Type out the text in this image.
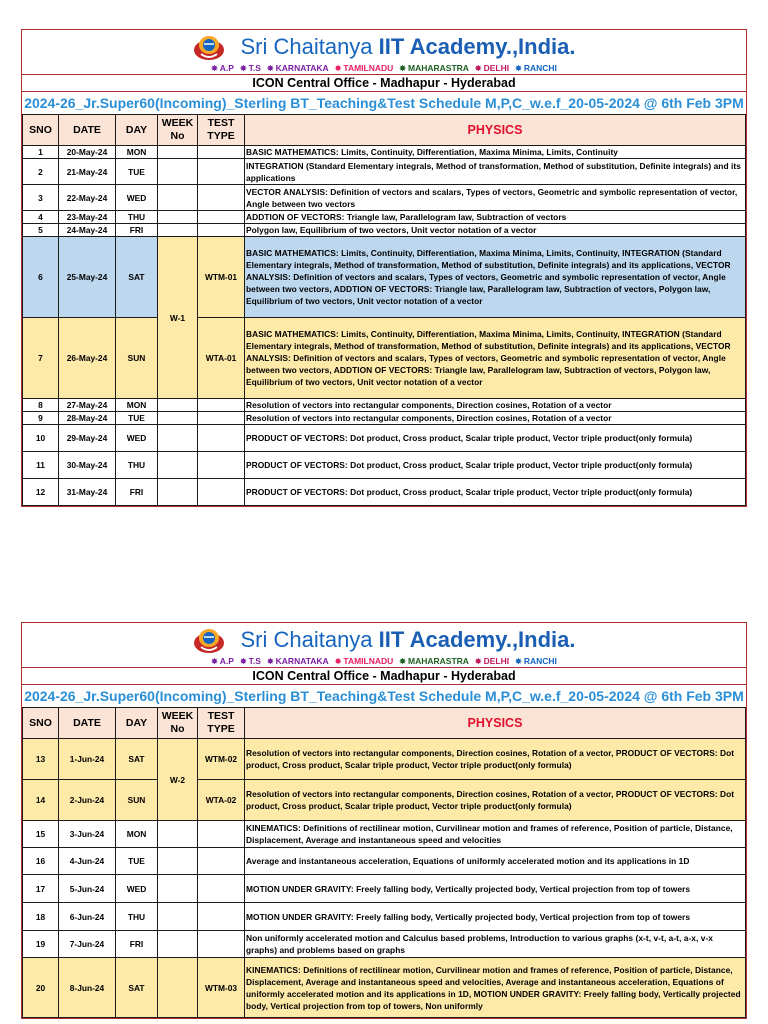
Sri Chaitanya IIT Academy.,India.
✸ A.P ✸ T.S ✸ KARNATAKA ✸ TAMILNADU ✸ MAHARASTRA ✸ DELHI ✸ RANCHI
ICON Central Office - Madhapur - Hyderabad
2024-26_Jr.Super60(Incoming)_Sterling BT_Teaching&Test Schedule M,P,C_w.e.f_20-05-2024 @ 6th Feb 3PM
SNO	DATE	DAY	WEEK No	TEST TYPE	PHYSICS
1	20-May-24	MON			BASIC MATHEMATICS: Limits, Continuity, Differentiation, Maxima Minima, Limits, Continuity
2	21-May-24	TUE			INTEGRATION (Standard Elementary integrals, Method of transformation, Method of substitution, Definite integrals) and its applications
3	22-May-24	WED			VECTOR ANALYSIS: Definition of vectors and scalars, Types of vectors, Geometric and symbolic representation of vector, Angle between two vectors
4	23-May-24	THU			ADDTION OF VECTORS: Triangle law, Parallelogram law, Subtraction of vectors
5	24-May-24	FRI			Polygon law, Equilibrium of two vectors, Unit vector notation of a vector
6	25-May-24	SAT	W-1	WTM-01	BASIC MATHEMATICS: Limits, Continuity, Differentiation, Maxima Minima, Limits, Continuity, INTEGRATION (Standard Elementary integrals, Method of transformation, Method of substitution, Definite integrals) and its applications, VECTOR ANALYSIS: Definition of vectors and scalars, Types of vectors, Geometric and symbolic representation of vector, Angle between two vectors, ADDTION OF VECTORS: Triangle law, Parallelogram law, Subtraction of vectors, Polygon law, Equilibrium of two vectors, Unit vector notation of a vector
7	26-May-24	SUN		WTA-01	BASIC MATHEMATICS: Limits, Continuity, Differentiation, Maxima Minima, Limits, Continuity, INTEGRATION (Standard Elementary integrals, Method of transformation, Method of substitution, Definite integrals) and its applications, VECTOR ANALYSIS: Definition of vectors and scalars, Types of vectors, Geometric and symbolic representation of vector, Angle between two vectors, ADDTION OF VECTORS: Triangle law, Parallelogram law, Subtraction of vectors, Polygon law, Equilibrium of two vectors, Unit vector notation of a vector
8	27-May-24	MON			Resolution of vectors into rectangular components, Direction cosines, Rotation of a vector
9	28-May-24	TUE			Resolution of vectors into rectangular components, Direction cosines, Rotation of a vector
10	29-May-24	WED			PRODUCT OF VECTORS: Dot product, Cross product, Scalar triple product, Vector triple product(only formula)
11	30-May-24	THU			PRODUCT OF VECTORS: Dot product, Cross product, Scalar triple product, Vector triple product(only formula)
12	31-May-24	FRI			PRODUCT OF VECTORS: Dot product, Cross product, Scalar triple product, Vector triple product(only formula)
Sri Chaitanya IIT Academy.,India.
✸ A.P ✸ T.S ✸ KARNATAKA ✸ TAMILNADU ✸ MAHARASTRA ✸ DELHI ✸ RANCHI
ICON Central Office - Madhapur - Hyderabad
2024-26_Jr.Super60(Incoming)_Sterling BT_Teaching&Test Schedule M,P,C_w.e.f_20-05-2024 @ 6th Feb 3PM
SNO	DATE	DAY	WEEK No	TEST TYPE	PHYSICS
13	1-Jun-24	SAT	W-2	WTM-02	Resolution of vectors into rectangular components, Direction cosines, Rotation of a vector, PRODUCT OF VECTORS: Dot product, Cross product, Scalar triple product, Vector triple product(only formula)
14	2-Jun-24	SUN		WTA-02	Resolution of vectors into rectangular components, Direction cosines, Rotation of a vector, PRODUCT OF VECTORS: Dot product, Cross product, Scalar triple product, Vector triple product(only formula)
15	3-Jun-24	MON			KINEMATICS: Definitions of rectilinear motion, Curvilinear motion and frames of reference, Position of particle, Distance, Displacement, Average and instantaneous speed and velocities
16	4-Jun-24	TUE			Average and instantaneous acceleration, Equations of uniformly accelerated motion and its applications in 1D
17	5-Jun-24	WED			MOTION UNDER GRAVITY: Freely falling body, Vertically projected body, Vertical projection from top of towers
18	6-Jun-24	THU			MOTION UNDER GRAVITY: Freely falling body, Vertically projected body, Vertical projection from top of towers
19	7-Jun-24	FRI			Non uniformly accelerated motion and Calculus based problems, Introduction to various graphs (x-t, v-t, a-t, a-x, v-x graphs) and problems based on graphs
20	8-Jun-24	SAT		WTM-03	KINEMATICS: Definitions of rectilinear motion, Curvilinear motion and frames of reference, Position of particle, Distance, Displacement, Average and instantaneous speed and velocities, Average and instantaneous acceleration, Equations of uniformly accelerated motion and its applications in 1D, MOTION UNDER GRAVITY: Freely falling body, Vertically projected body, Vertical projection from top of towers, Non uniformly
